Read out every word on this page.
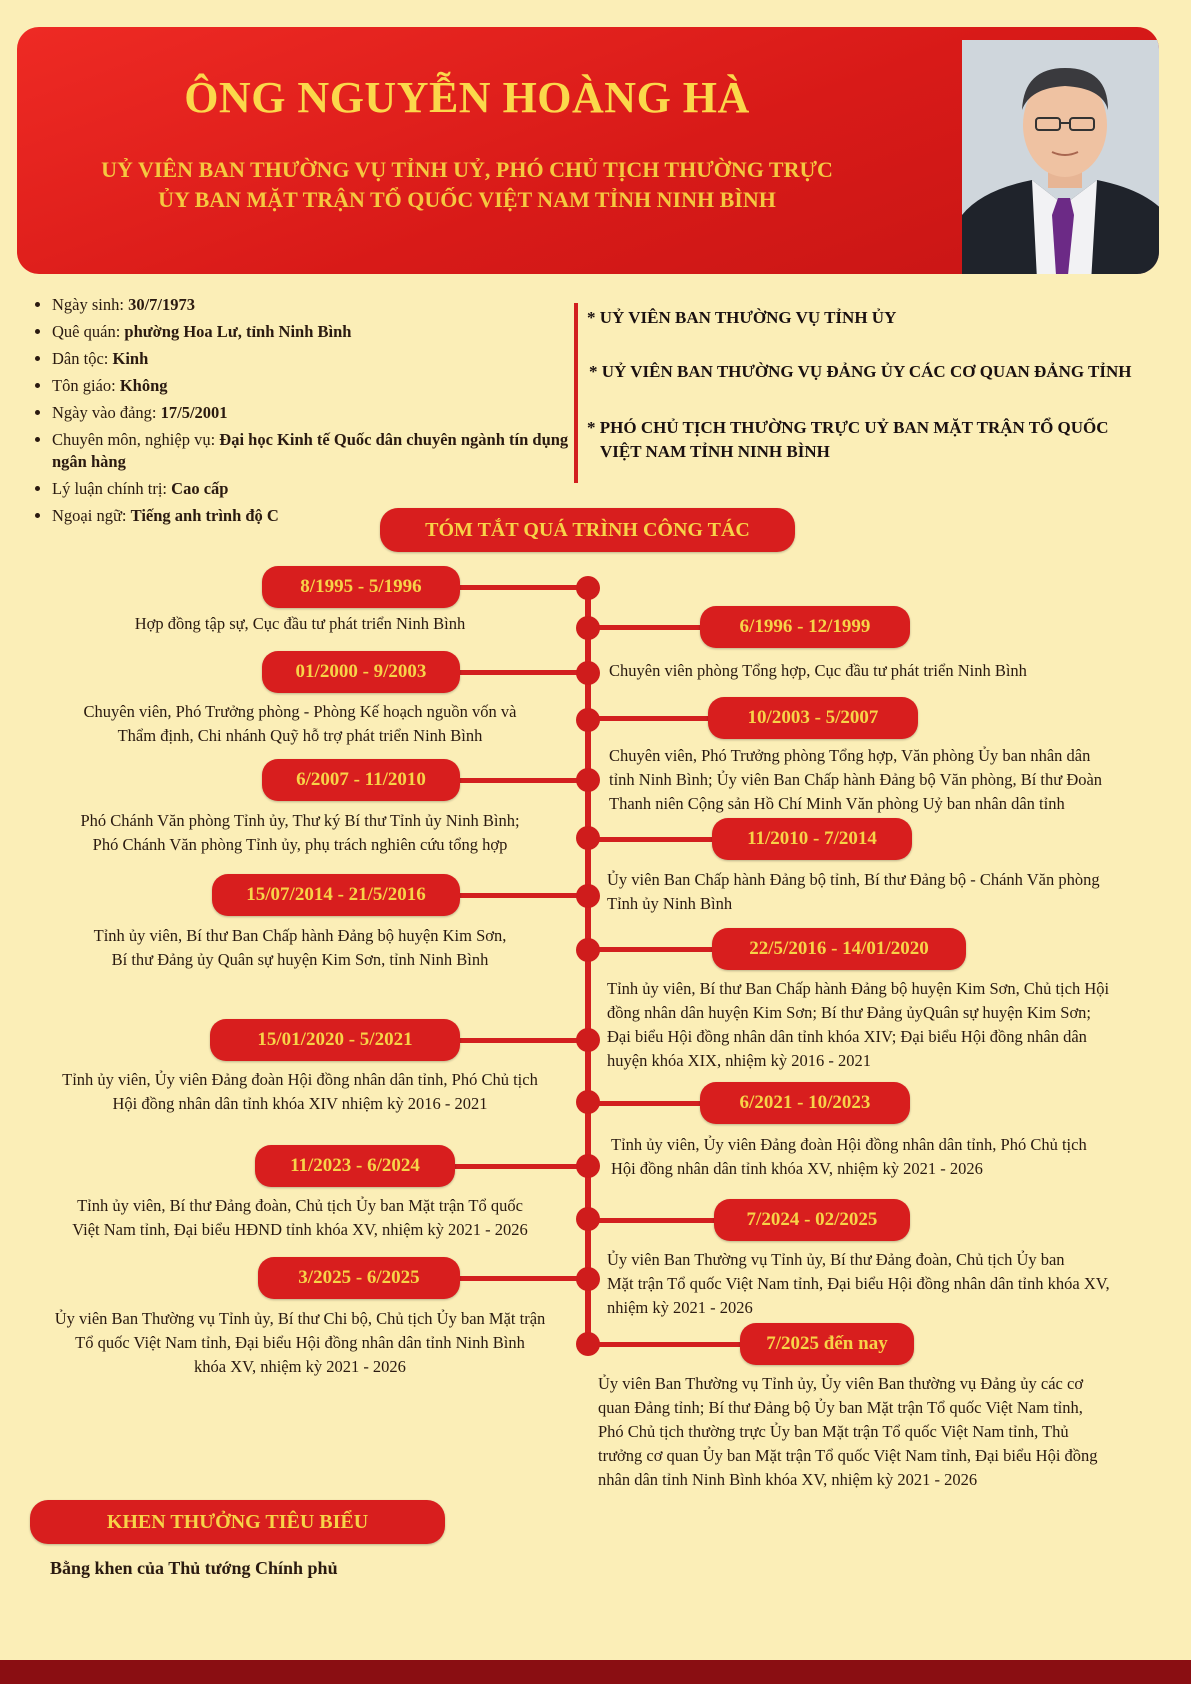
ÔNG NGUYỄN HOÀNG HÀ
UỶ VIÊN BAN THƯỜNG VỤ TỈNH UỶ, PHÓ CHỦ TỊCH THƯỜNG TRỰC
ỦY BAN MẶT TRẬN TỔ QUỐC VIỆT NAM TỈNH NINH BÌNH
• Ngày sinh: 30/7/1973
• Quê quán: phường Hoa Lư, tỉnh Ninh Bình
• Dân tộc: Kinh
• Tôn giáo: Không
• Ngày vào đảng: 17/5/2001
• Chuyên môn, nghiệp vụ: Đại học Kinh tế Quốc dân chuyên ngành tín dụng ngân hàng
• Lý luận chính trị: Cao cấp
• Ngoại ngữ: Tiếng anh trình độ C
* UỶ VIÊN BAN THƯỜNG VỤ TỈNH ỦY
* UỶ VIÊN BAN THƯỜNG VỤ ĐẢNG ỦY CÁC CƠ QUAN ĐẢNG TỈNH
* PHÓ CHỦ TỊCH THƯỜNG TRỰC UỶ BAN MẶT TRẬN TỔ QUỐC
VIỆT NAM TỈNH NINH BÌNH
TÓM TẮT QUÁ TRÌNH CÔNG TÁC
8/1995 - 5/1996
Hợp đồng tập sự, Cục đầu tư phát triển Ninh Bình	6/1996 - 12/1999
Chuyên viên phòng Tổng hợp, Cục đầu tư phát triển Ninh Bình
01/2000 - 9/2003
Chuyên viên, Phó Trưởng phòng - Phòng Kế hoạch nguồn vốn và
Thẩm định, Chi nhánh Quỹ hỗ trợ phát triển Ninh Bình
10/2003 - 5/2007
Chuyên viên, Phó Trưởng phòng Tổng hợp, Văn phòng Ủy ban nhân dân
tỉnh Ninh Bình; Ủy viên Ban Chấp hành Đảng bộ Văn phòng, Bí thư Đoàn
Thanh niên Cộng sản Hồ Chí Minh Văn phòng Uỷ ban nhân dân tỉnh
6/2007 - 11/2010
Phó Chánh Văn phòng Tỉnh ủy, Thư ký Bí thư Tỉnh ủy Ninh Bình;
Phó Chánh Văn phòng Tỉnh ủy, phụ trách nghiên cứu tổng hợp	11/2010 - 7/2014
Ủy viên Ban Chấp hành Đảng bộ tỉnh, Bí thư Đảng bộ - Chánh Văn phòng
Tỉnh ủy Ninh Bình
15/07/2014 - 21/5/2016
Tỉnh ủy viên, Bí thư Ban Chấp hành Đảng bộ huyện Kim Sơn,
Bí thư Đảng ủy Quân sự huyện Kim Sơn, tỉnh Ninh Bình
22/5/2016 - 14/01/2020
Tỉnh ủy viên, Bí thư Ban Chấp hành Đảng bộ huyện Kim Sơn, Chủ tịch Hội
đồng nhân dân huyện Kim Sơn; Bí thư Đảng ủyQuân sự huyện Kim Sơn;
Đại biểu Hội đồng nhân dân tỉnh khóa XIV; Đại biểu Hội đồng nhân dân
huyện khóa XIX, nhiệm kỳ 2016 - 2021
15/01/2020 - 5/2021
Tỉnh ủy viên, Ủy viên Đảng đoàn Hội đồng nhân dân tỉnh, Phó Chủ tịch
Hội đồng nhân dân tỉnh khóa XIV nhiệm kỳ 2016 - 2021	6/2021 - 10/2023
Tỉnh ủy viên, Ủy viên Đảng đoàn Hội đồng nhân dân tỉnh, Phó Chủ tịch
Hội đồng nhân dân tỉnh khóa XV, nhiệm kỳ 2021 - 2026
11/2023 - 6/2024
Tỉnh ủy viên, Bí thư Đảng đoàn, Chủ tịch Ủy ban Mặt trận Tổ quốc
Việt Nam tỉnh, Đại biểu HĐND tỉnh khóa XV, nhiệm kỳ 2021 - 2026	7/2024 - 02/2025
Ủy viên Ban Thường vụ Tỉnh ủy, Bí thư Đảng đoàn, Chủ tịch Ủy ban
Mặt trận Tổ quốc Việt Nam tỉnh, Đại biểu Hội đồng nhân dân tỉnh khóa XV,
nhiệm kỳ 2021 - 2026
3/2025 - 6/2025
Ủy viên Ban Thường vụ Tỉnh ủy, Bí thư Chi bộ, Chủ tịch Ủy ban Mặt trận
Tổ quốc Việt Nam tỉnh, Đại biểu Hội đồng nhân dân tỉnh Ninh Bình
khóa XV, nhiệm kỳ 2021 - 2026
7/2025 đến nay
Ủy viên Ban Thường vụ Tỉnh ủy, Ủy viên Ban thường vụ Đảng ủy các cơ
quan Đảng tỉnh; Bí thư Đảng bộ Ủy ban Mặt trận Tổ quốc Việt Nam tỉnh,
Phó Chủ tịch thường trực Ủy ban Mặt trận Tổ quốc Việt Nam tỉnh, Thủ
trưởng cơ quan Ủy ban Mặt trận Tổ quốc Việt Nam tỉnh, Đại biểu Hội đồng
nhân dân tỉnh Ninh Bình khóa XV, nhiệm kỳ 2021 - 2026
KHEN THƯỞNG TIÊU BIỂU
Bằng khen của Thủ tướng Chính phủ
